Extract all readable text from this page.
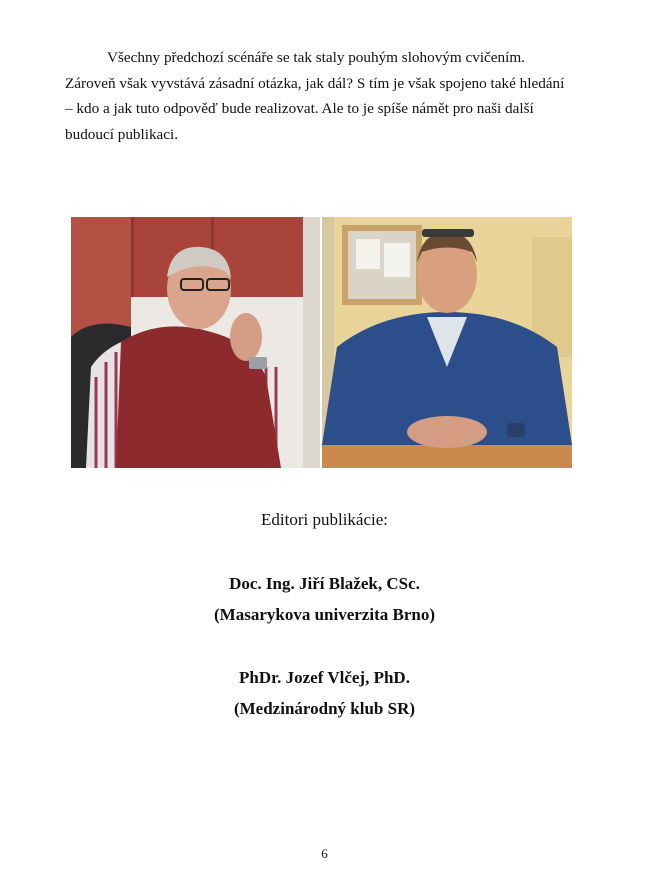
Všechny předchozí scénáře se tak staly pouhým slohovým cvičením.
Zároveň však vyvstává zásadní otázka, jak dál? S tím je však spojeno také hledání
– kdo a jak tuto odpověď bude realizovat. Ale to je spíše námět pro naši další
budoucí publikaci.

Editori publikácie:

Doc. Ing. Jiří Blažek, CSc.

(Masarykova univerzita Brno)

PhDr. Jozef Vlčej, PhD.

(Medzinárodný klub SR)

6
